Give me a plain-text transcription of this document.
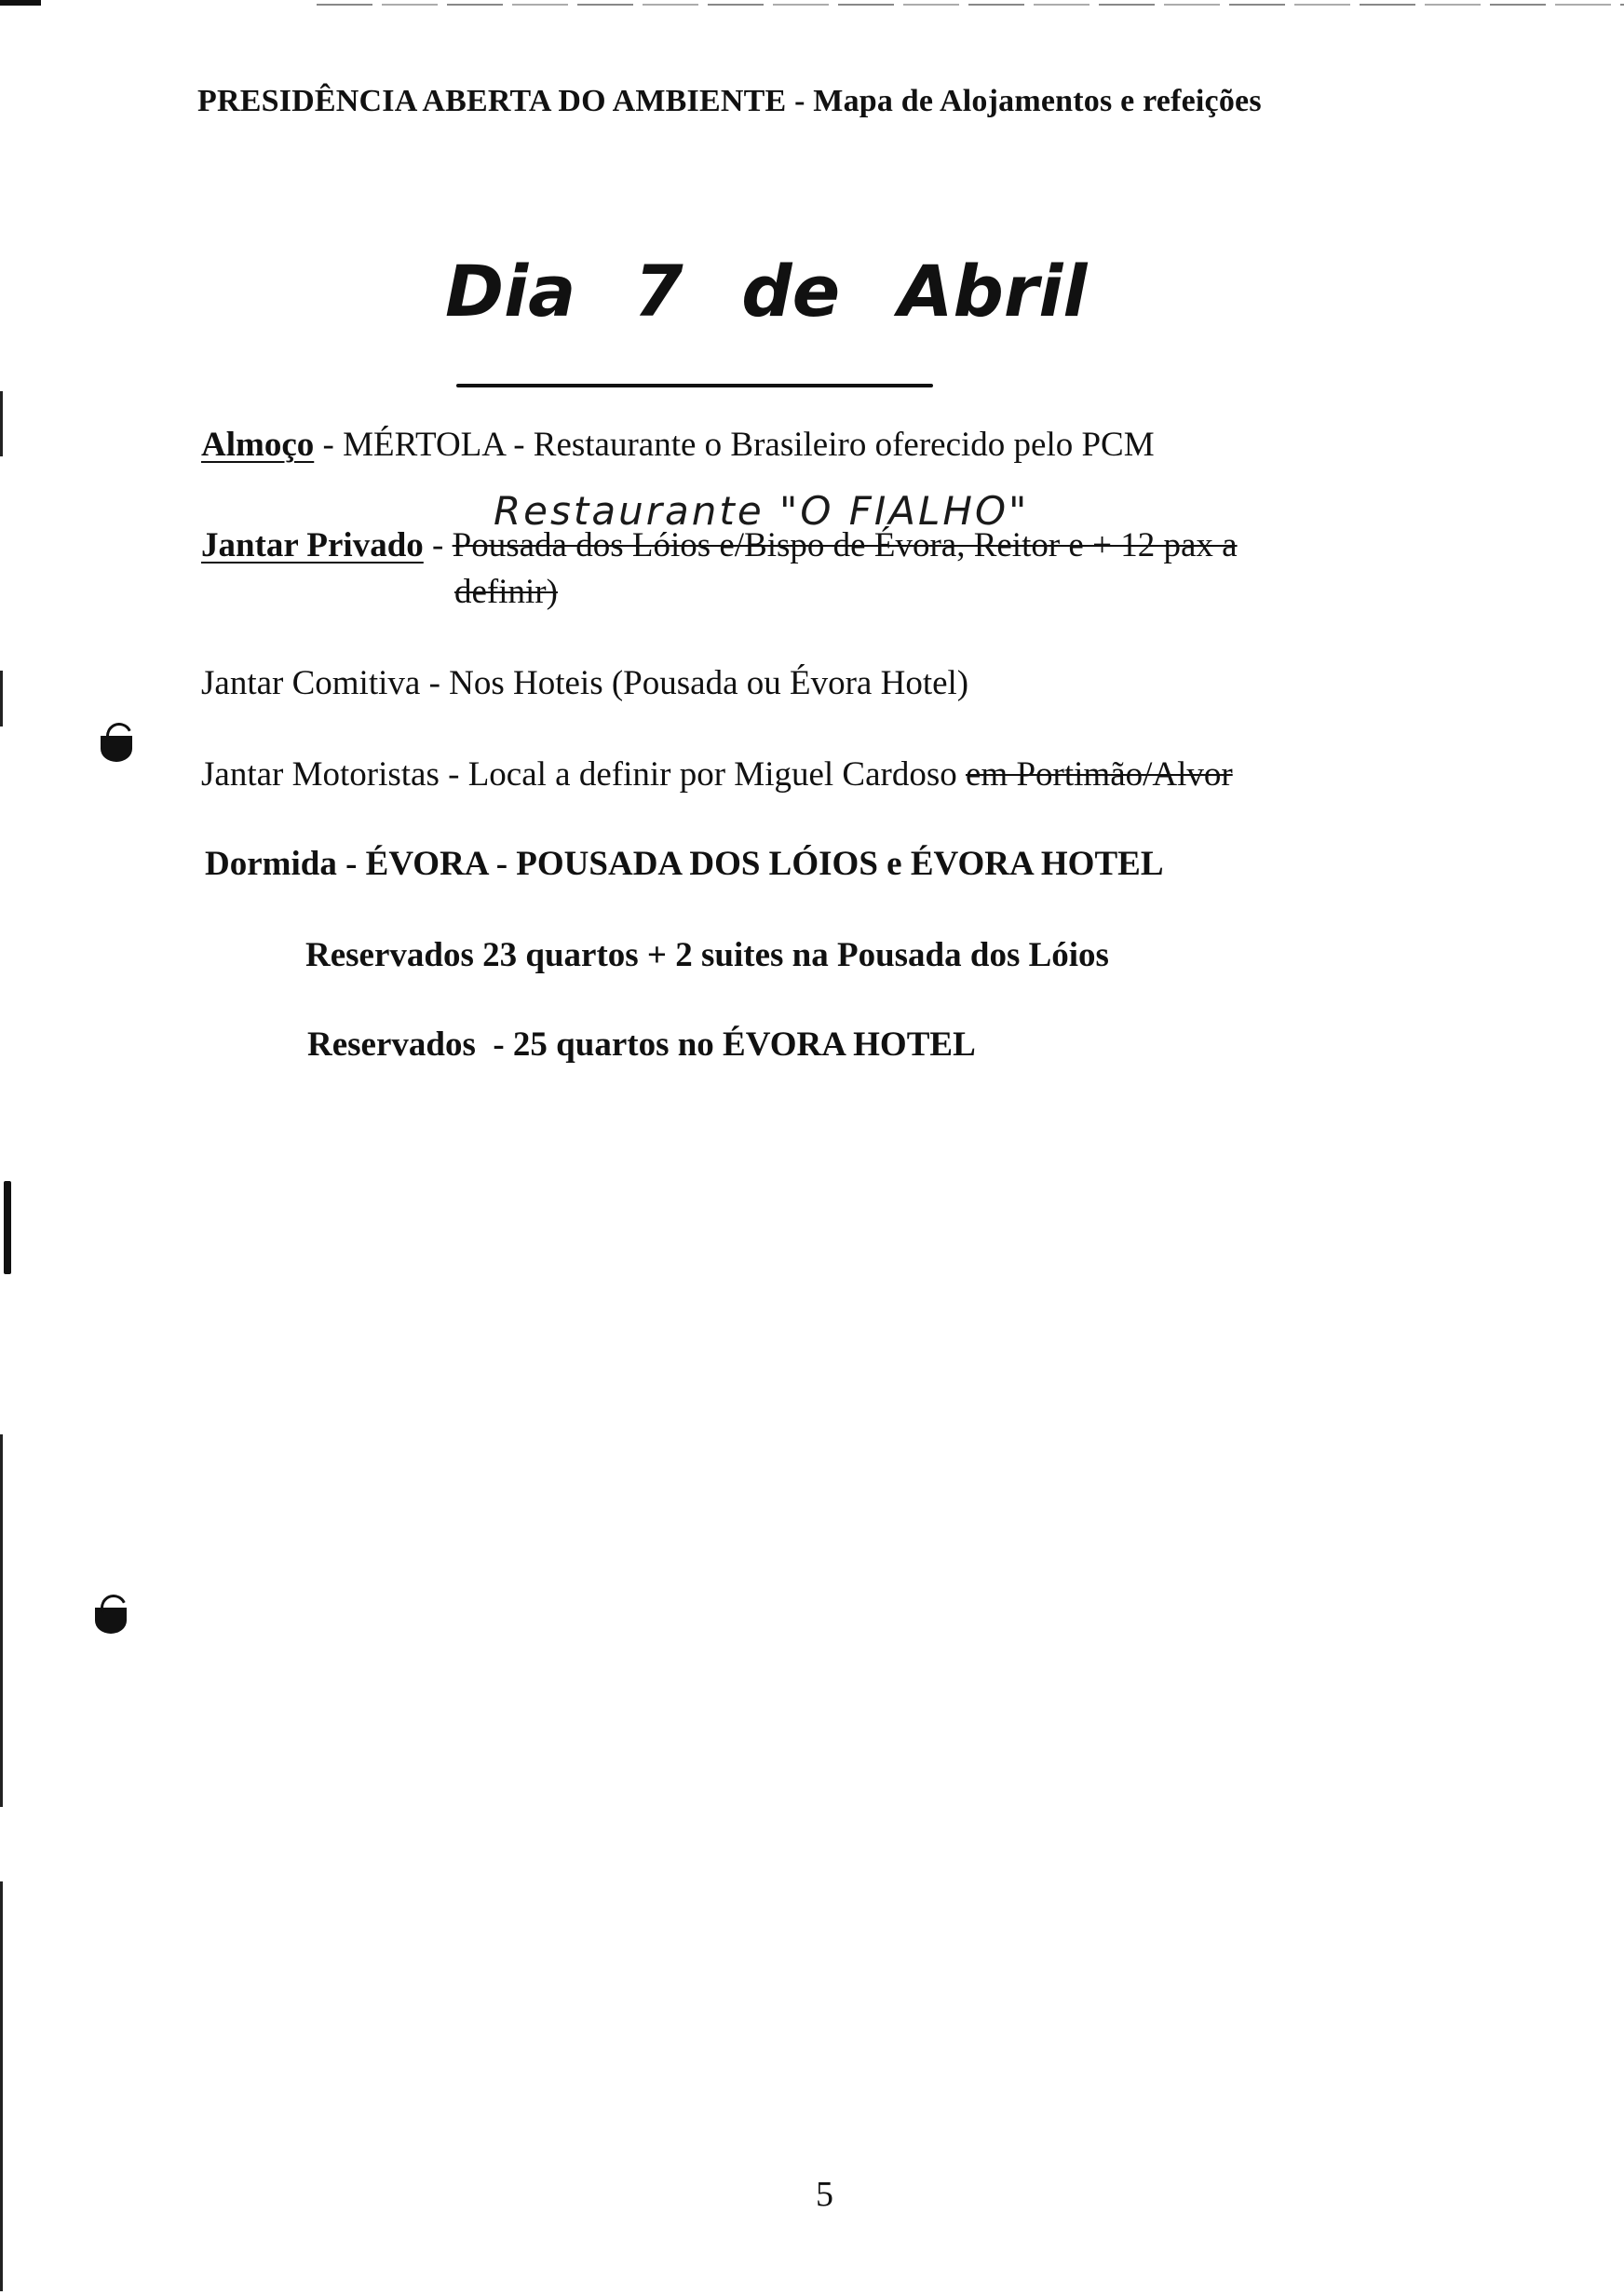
PRESIDÊNCIA ABERTA DO AMBIENTE - Mapa de Alojamentos e refeições
Dia 7 de Abril
Almoço - MÉRTOLA - Restaurante o Brasileiro oferecido pelo PCM
Restaurante "O FIALHO"
Jantar Privado - Pousada dos Lóios e/Bispo de Évora, Reitor e + 12 pax a
definir)
Jantar Comitiva - Nos Hoteis (Pousada ou Évora Hotel)
Jantar Motoristas - Local a definir por Miguel Cardoso em Portimão/Alvor
Dormida - ÉVORA - POUSADA DOS LÓIOS e ÉVORA HOTEL
Reservados 23 quartos + 2 suites na Pousada dos Lóios
Reservados  - 25 quartos no ÉVORA HOTEL
5
